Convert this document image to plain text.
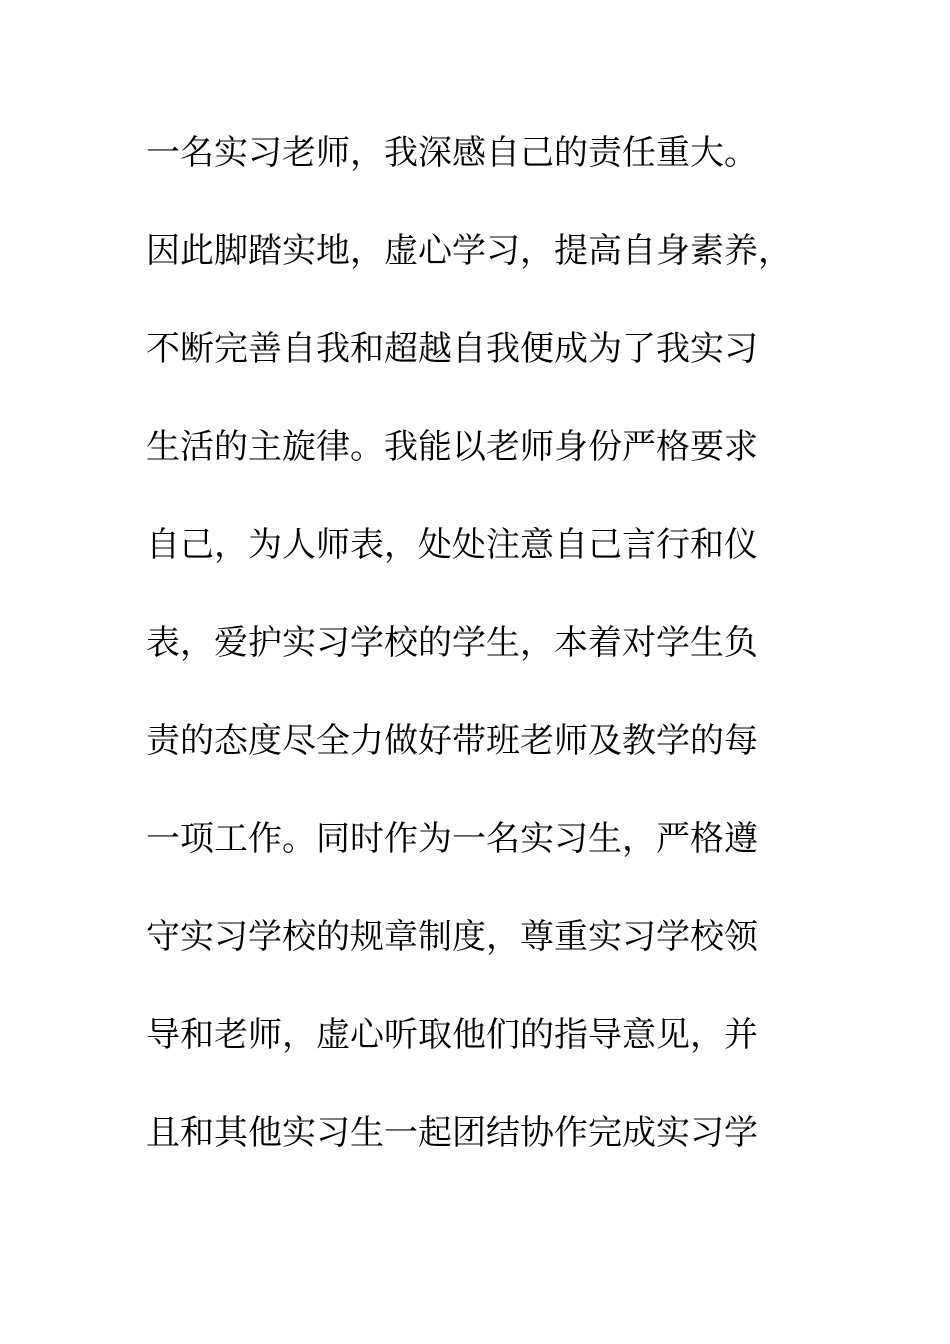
一名实习老师，我深感自己的责任重大。
因此脚踏实地，虚心学习，提高自身素养，
不断完善自我和超越自我便成为了我实习
生活的主旋律。我能以老师身份严格要求
自己，为人师表，处处注意自己言行和仪
表，爱护实习学校的学生，本着对学生负
责的态度尽全力做好带班老师及教学的每
一项工作。同时作为一名实习生，严格遵
守实习学校的规章制度，尊重实习学校领
导和老师，虚心听取他们的指导意见，并
且和其他实习生一起团结协作完成实习学
